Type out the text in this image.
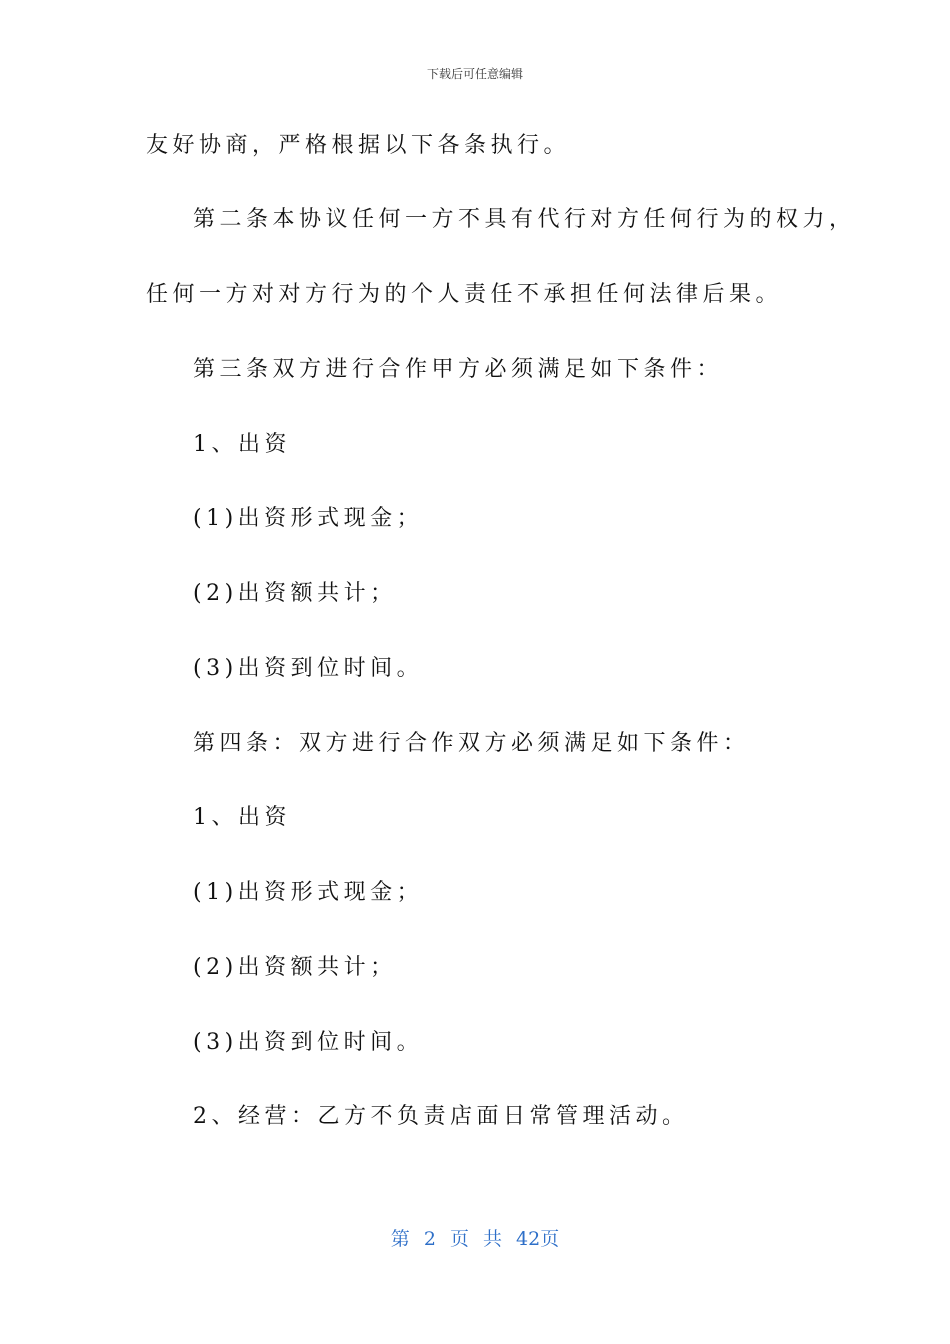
下载后可任意编辑
友好协商，严格根据以下各条执行。
第二条本协议任何一方不具有代行对方任何行为的权力，
任何一方对对方行为的个人责任不承担任何法律后果。
第三条双方进行合作甲方必须满足如下条件：
1、出资
(1)出资形式现金；
(2)出资额共计；
(3)出资到位时间。
第四条：双方进行合作双方必须满足如下条件：
1、出资
(1)出资形式现金；
(2)出资额共计；
(3)出资到位时间。
2、经营：乙方不负责店面日常管理活动。
第 2 页 共 42页
